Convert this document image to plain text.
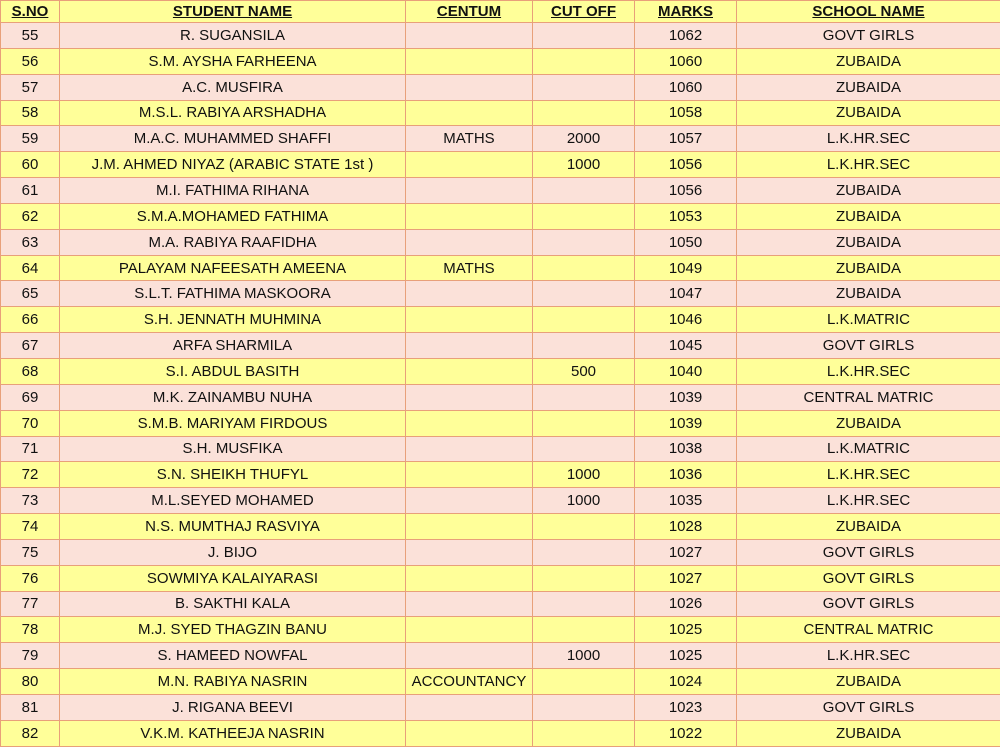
S.NO	STUDENT NAME	CENTUM	CUT OFF	MARKS	SCHOOL NAME
55	R. SUGANSILA			1062	GOVT GIRLS
56	S.M. AYSHA FARHEENA			1060	ZUBAIDA
57	A.C. MUSFIRA			1060	ZUBAIDA
58	M.S.L. RABIYA ARSHADHA			1058	ZUBAIDA
59	M.A.C. MUHAMMED SHAFFI	MATHS	2000	1057	L.K.HR.SEC
60	J.M. AHMED NIYAZ (ARABIC STATE 1st )		1000	1056	L.K.HR.SEC
61	M.I. FATHIMA RIHANA			1056	ZUBAIDA
62	S.M.A.MOHAMED FATHIMA			1053	ZUBAIDA
63	M.A. RABIYA RAAFIDHA			1050	ZUBAIDA
64	PALAYAM NAFEESATH AMEENA	MATHS		1049	ZUBAIDA
65	S.L.T. FATHIMA MASKOORA			1047	ZUBAIDA
66	S.H. JENNATH MUHMINA			1046	L.K.MATRIC
67	ARFA SHARMILA			1045	GOVT GIRLS
68	S.I. ABDUL BASITH		500	1040	L.K.HR.SEC
69	M.K. ZAINAMBU NUHA			1039	CENTRAL MATRIC
70	S.M.B. MARIYAM FIRDOUS			1039	ZUBAIDA
71	S.H. MUSFIKA			1038	L.K.MATRIC
72	S.N. SHEIKH THUFYL		1000	1036	L.K.HR.SEC
73	M.L.SEYED MOHAMED		1000	1035	L.K.HR.SEC
74	N.S. MUMTHAJ RASVIYA			1028	ZUBAIDA
75	J. BIJO			1027	GOVT GIRLS
76	SOWMIYA KALAIYARASI			1027	GOVT GIRLS
77	B. SAKTHI KALA			1026	GOVT GIRLS
78	M.J. SYED THAGZIN BANU			1025	CENTRAL MATRIC
79	S. HAMEED NOWFAL		1000	1025	L.K.HR.SEC
80	M.N. RABIYA NASRIN	ACCOUNTANCY		1024	ZUBAIDA
81	J. RIGANA BEEVI			1023	GOVT GIRLS
82	V.K.M. KATHEEJA NASRIN			1022	ZUBAIDA
